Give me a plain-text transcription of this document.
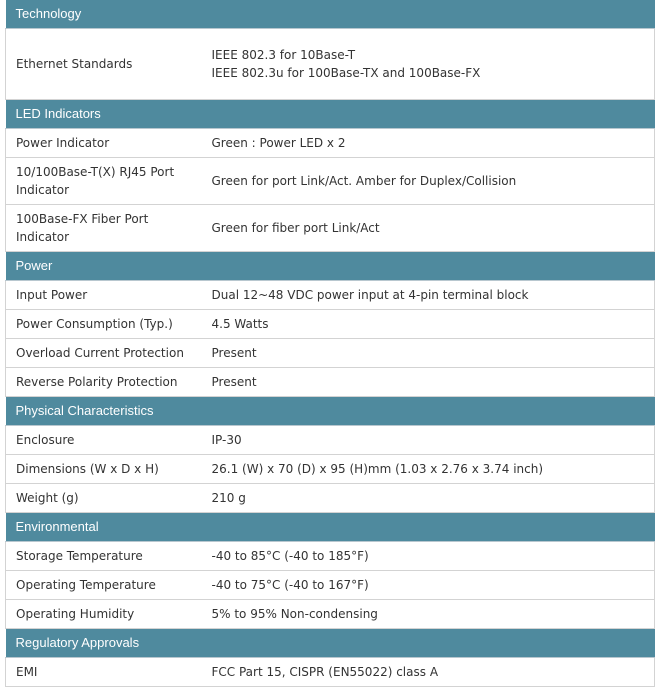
Technology	
Ethernet Standards	IEEE 802.3 for 10Base-T
IEEE 802.3u for 100Base-TX and 100Base-FX

LED Indicators	
Power Indicator	Green : Power LED x 2
10/100Base-T(X) RJ45 Port Indicator	Green for port Link/Act. Amber for Duplex/Collision
100Base-FX Fiber Port Indicator	Green for fiber port Link/Act
Power	
Input Power	Dual 12~48 VDC power input at 4-pin terminal block
Power Consumption (Typ.)	4.5 Watts
Overload Current Protection	Present
Reverse Polarity Protection	Present
Physical Characteristics	
Enclosure	IP-30
Dimensions (W x D x H)	26.1 (W) x 70 (D) x 95 (H)mm (1.03 x 2.76 x 3.74 inch)
Weight (g)	210 g
Environmental	
Storage Temperature	-40 to 85°C (-40 to 185°F)
Operating Temperature	-40 to 75°C (-40 to 167°F)
Operating Humidity	5% to 95% Non-condensing
Regulatory Approvals	
EMI	FCC Part 15, CISPR (EN55022) class A
